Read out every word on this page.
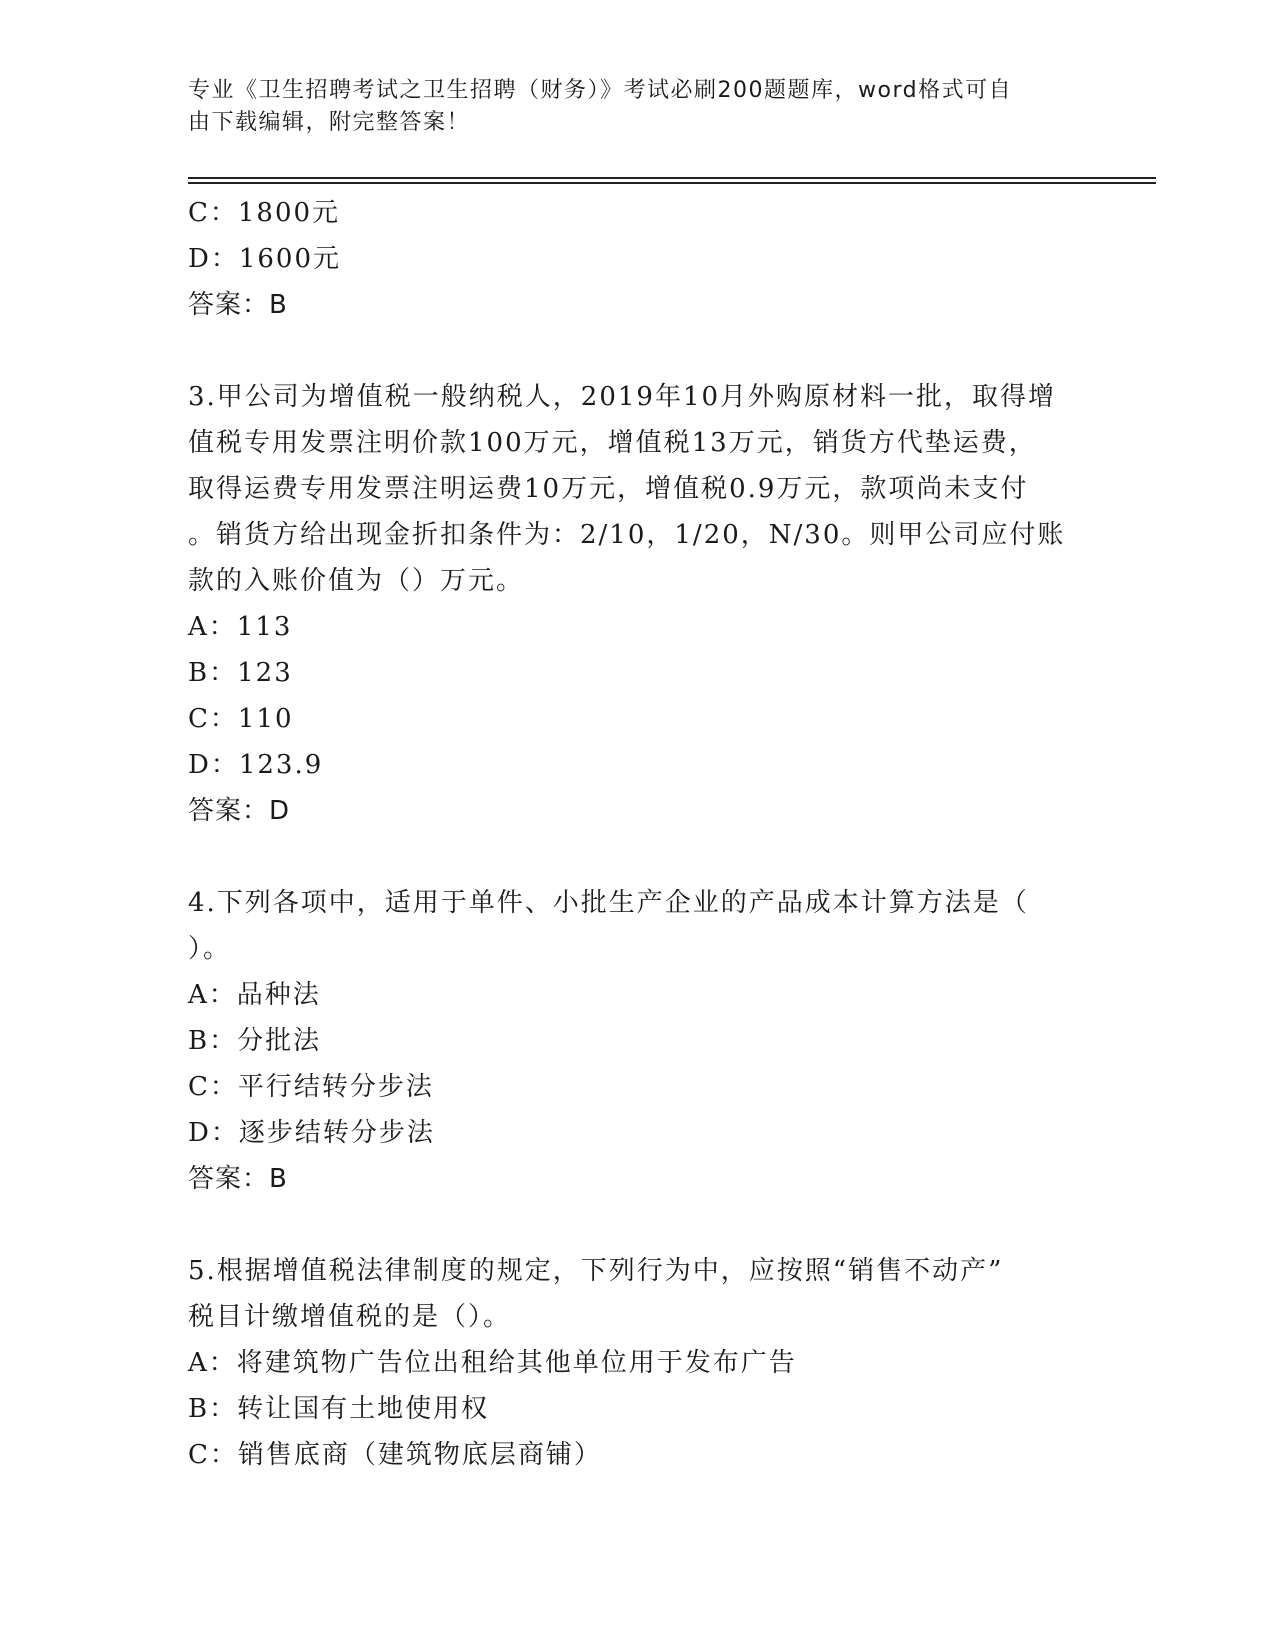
专业《卫生招聘考试之卫生招聘（财务）》考试必刷200题题库，word格式可自
由下载编辑，附完整答案！
C：1800元
D：1600元
答案：B
3.甲公司为增值税一般纳税人，2019年10月外购原材料一批，取得增
值税专用发票注明价款100万元，增值税13万元，销货方代垫运费，
取得运费专用发票注明运费10万元，增值税0.9万元，款项尚未支付
。销货方给出现金折扣条件为：2/10，1/20，N/30。则甲公司应付账
款的入账价值为（）万元。
A：113
B：123
C：110
D：123.9
答案：D
4.下列各项中，适用于单件、小批生产企业的产品成本计算方法是（
）。
A：品种法
B：分批法
C：平行结转分步法
D：逐步结转分步法
答案：B
5.根据增值税法律制度的规定，下列行为中，应按照“销售不动产”
税目计缴增值税的是（）。
A：将建筑物广告位出租给其他单位用于发布广告
B：转让国有土地使用权
C：销售底商（建筑物底层商铺）
